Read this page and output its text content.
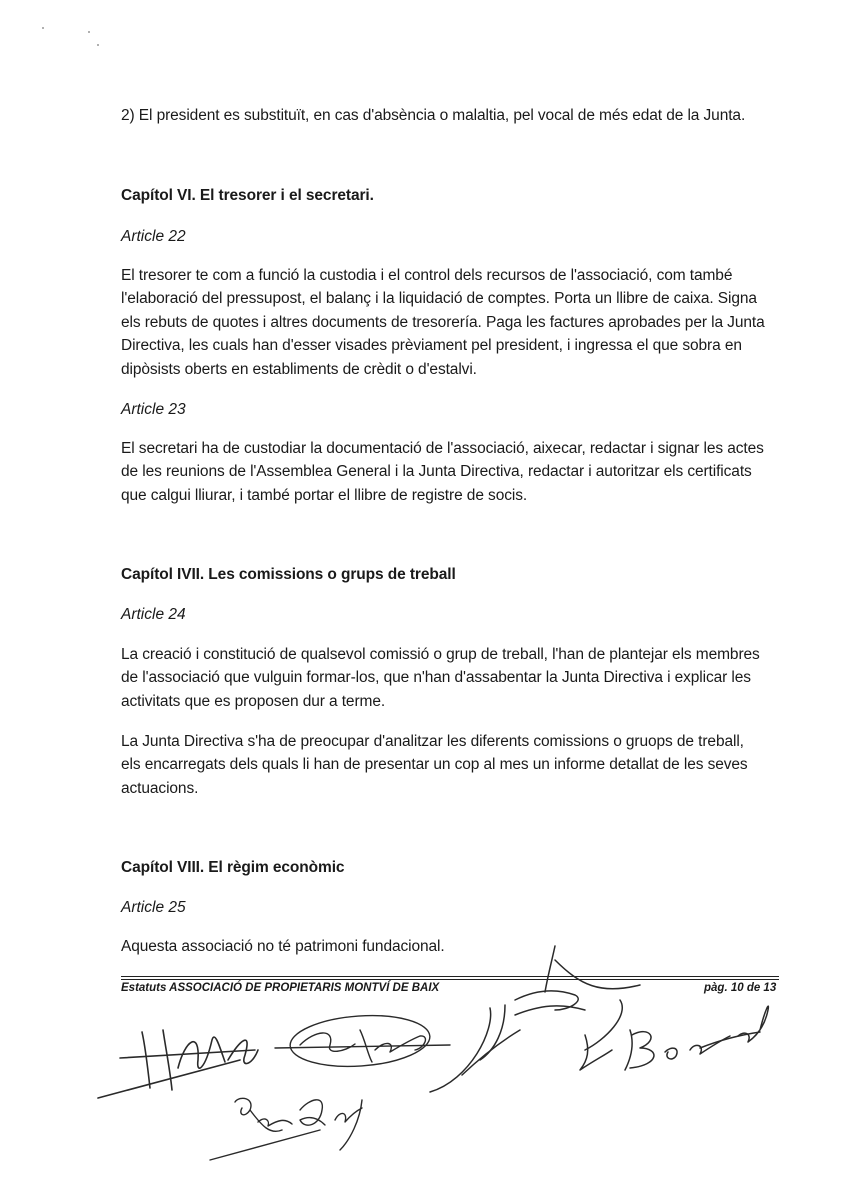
2) El president es substituït, en cas d'absència o malaltia, pel vocal de més edat de la Junta.
Capítol VI. El tresorer i el secretari.
Article 22

El tresorer te com a funció la custodia i el control dels recursos de l'associació, com també

l'elaboració del pressupost, el balanç i la liquidació de comptes. Porta un llibre de caixa. Signa

els rebuts de quotes i altres documents de tresorería. Paga les factures aprobades per la Junta

Directiva, les cuals han d'esser visades prèviament pel president, i ingressa el que sobra en

dipòsists oberts en establiments de crèdit o d'estalvi.

Article 23

El secretari ha de custodiar la documentació de l'associació, aixecar, redactar i signar les actes

de les reunions de l'Assemblea General i la Junta Directiva, redactar i autoritzar els certificats

que calgui lliurar, i també portar el llibre de registre de socis.

Capítol IVII. Les comissions o grups de treball
Article 24

La creació i constitució de qualsevol comissió o grup de treball, l'han de plantejar els membres

de l'associació que vulguin formar-los, que n'han d'assabentar la Junta Directiva i explicar les

activitats que es proposen dur a terme.

La Junta Directiva s'ha de preocupar d'analitzar les diferents comissions o gruops de treball,

els encarregats dels quals li han de presentar un cop al mes un informe detallat de les seves

actuacions.

Capítol VIII. El règim econòmic
Article 25
Aquesta associació no té patrimoni fundacional.
Estatuts ASSOCIACIÓ DE PROPIETARIS MONTVÍ DE BAIX	pàg. 10 de 13
